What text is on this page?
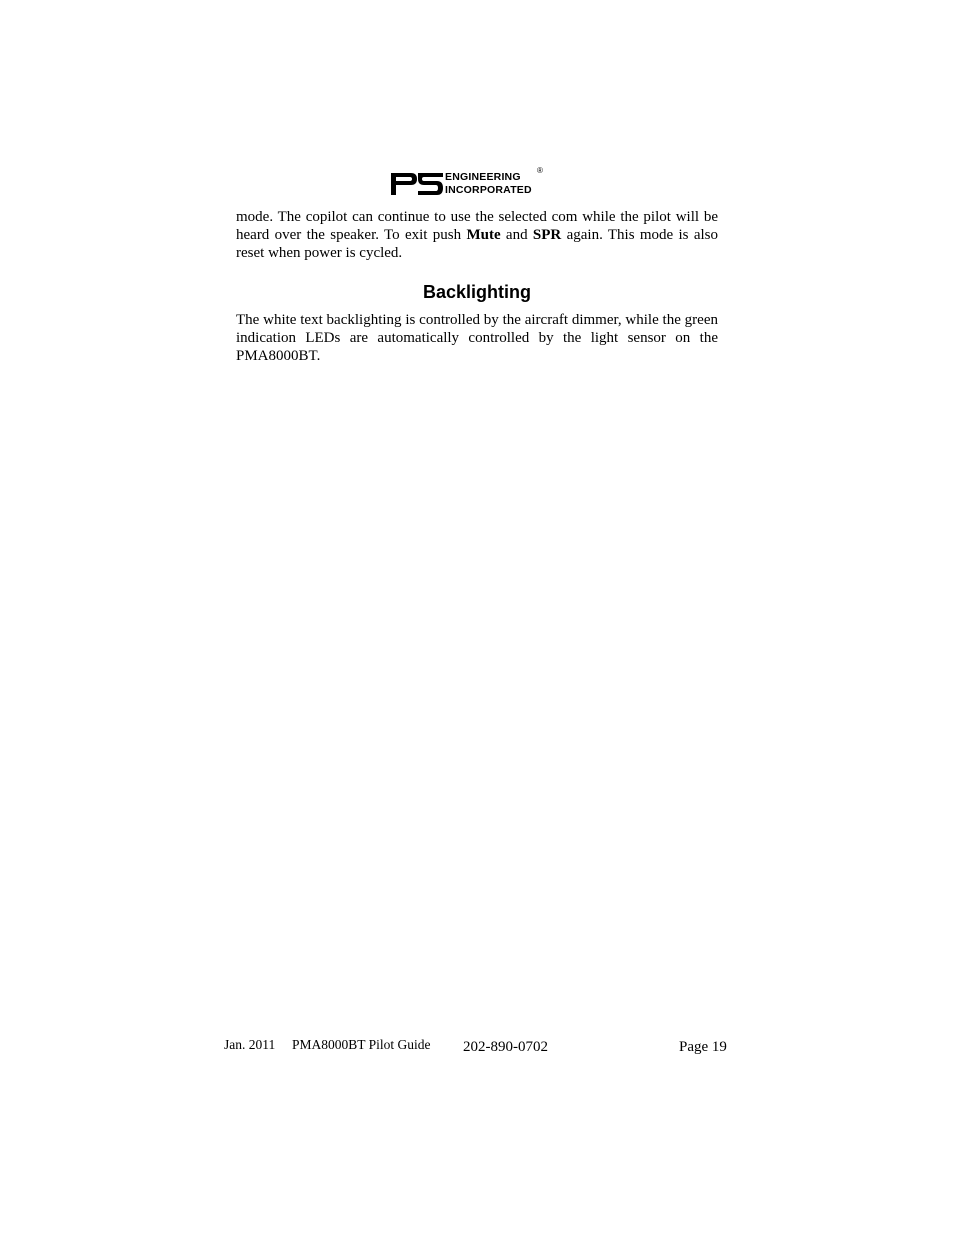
ENGINEERING
INCORPORATED
®

mode. The copilot can continue to use the selected com while the pilot will be heard over the speaker. To exit push Mute and SPR again. This mode is also reset when power is cycled.

Backlighting

The white text backlighting is controlled by the aircraft dimmer, while the green indication LEDs are automatically controlled by the light sensor on the PMA8000BT.

Jan. 2011 PMA8000BT Pilot Guide 202-890-0702	Page 19
